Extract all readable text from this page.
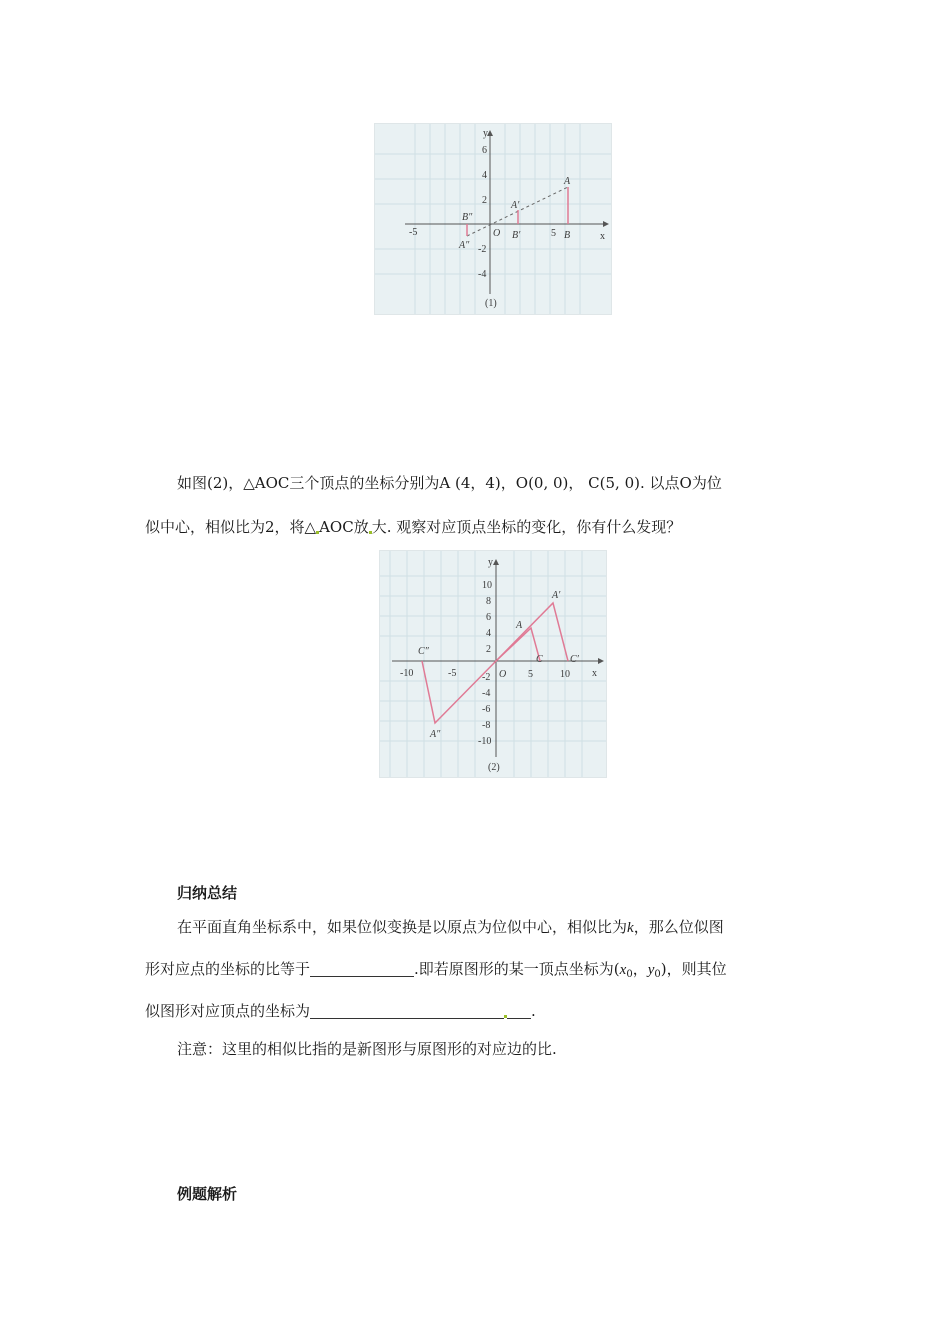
x
y
O
-5	5
6
4
2
-2
-4
A
B
A′
B′
A″
B″
(1)
如图(2)，△AOC三个顶点的坐标分别为A (4，4)，O(0, 0)， C(5, 0). 以点O为位
似中心，相似比为2，将△ AOC放 大. 观察对应顶点坐标的变化，你有什么发现？
x
y
O
-10	-5	5	10
10
8
6
4
2
-2
-4
-6
-8
-10
A
C
A′
C′
A″
C″
(2)
归纳总结
在平面直角坐标系中，如果位似变换是以原点为位似中心，相似比为k，那么位似图
形对应点的坐标的比等于	.即若原图形的某一顶点坐标为($x_0$，$y_0$)，则其位
似图形对应顶点的坐标为	.
注意：这里的相似比指的是新图形与原图形的对应边的比.
例题解析
